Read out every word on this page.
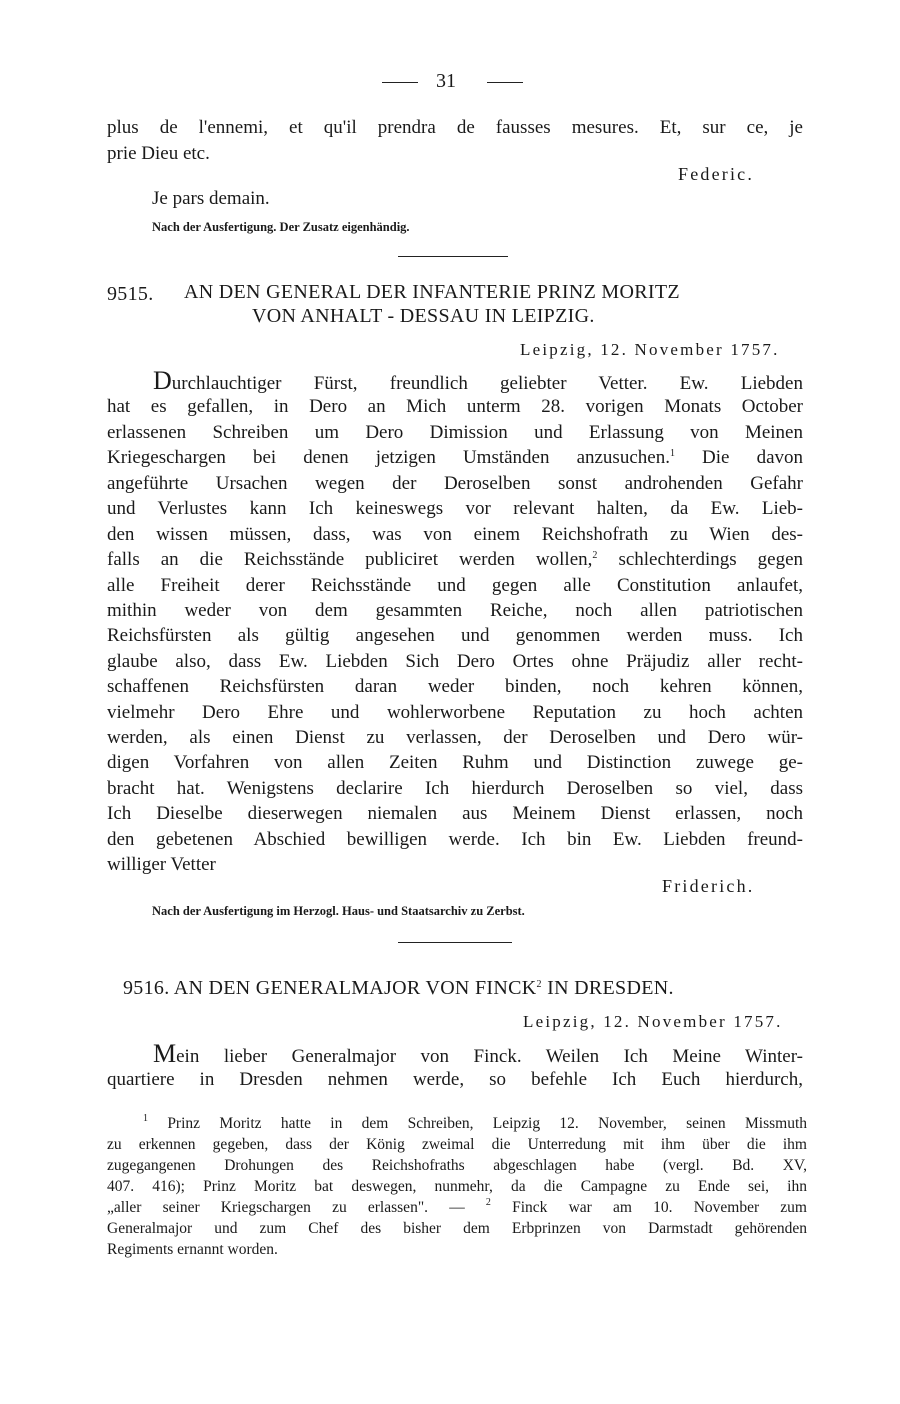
31
plus de l'ennemi, et qu'il prendra de fausses mesures. Et, sur ce, je
prie Dieu etc.
Federic.
Je pars demain.
Nach der Ausfertigung. Der Zusatz eigenhändig.
9515. AN DEN GENERAL DER INFANTERIE PRINZ MORITZ
VON ANHALT - DESSAU IN LEIPZIG.
Leipzig, 12. November 1757.
Durchlauchtiger Fürst, freundlich geliebter Vetter. Ew. Liebden
hat es gefallen, in Dero an Mich unterm 28. vorigen Monats October
erlassenen Schreiben um Dero Dimission und Erlassung von Meinen
Kriegeschargen bei denen jetzigen Umständen anzusuchen.$^1$ Die davon
angeführte Ursachen wegen der Deroselben sonst androhenden Gefahr
und Verlustes kann Ich keineswegs vor relevant halten, da Ew. Lieb-
den wissen müssen, dass, was von einem Reichshofrath zu Wien des-
falls an die Reichsstände publiciret werden wollen,$^2$ schlechterdings gegen
alle Freiheit derer Reichsstände und gegen alle Constitution anlaufet,
mithin weder von dem gesammten Reiche, noch allen patriotischen
Reichsfürsten als gültig angesehen und genommen werden muss. Ich
glaube also, dass Ew. Liebden Sich Dero Ortes ohne Präjudiz aller recht-
schaffenen Reichsfürsten daran weder binden, noch kehren können,
vielmehr Dero Ehre und wohlerworbene Reputation zu hoch achten
werden, als einen Dienst zu verlassen, der Deroselben und Dero wür-
digen Vorfahren von allen Zeiten Ruhm und Distinction zuwege ge-
bracht hat. Wenigstens declarire Ich hierdurch Deroselben so viel, dass
Ich Dieselbe dieserwegen niemalen aus Meinem Dienst erlassen, noch
den gebetenen Abschied bewilligen werde. Ich bin Ew. Liebden freund-
williger Vetter
Friderich.
Nach der Ausfertigung im Herzogl. Haus- und Staatsarchiv zu Zerbst.
9516. AN DEN GENERALMAJOR VON FINCK$^2$ IN DRESDEN.
Leipzig, 12. November 1757.
Mein lieber Generalmajor von Finck. Weilen Ich Meine Winter-
quartiere in Dresden nehmen werde, so befehle Ich Euch hierdurch,
$^1$ Prinz Moritz hatte in dem Schreiben, Leipzig 12. November, seinen Missmuth
zu erkennen gegeben, dass der König zweimal die Unterredung mit ihm über die ihm
zugegangenen Drohungen des Reichshofraths abgeschlagen habe (vergl. Bd. XV,
407. 416); Prinz Moritz bat deswegen, nunmehr, da die Campagne zu Ende sei, ihn
„aller seiner Kriegschargen zu erlassen". — $^2$ Finck war am 10. November zum
Generalmajor und zum Chef des bisher dem Erbprinzen von Darmstadt gehörenden
Regiments ernannt worden.
